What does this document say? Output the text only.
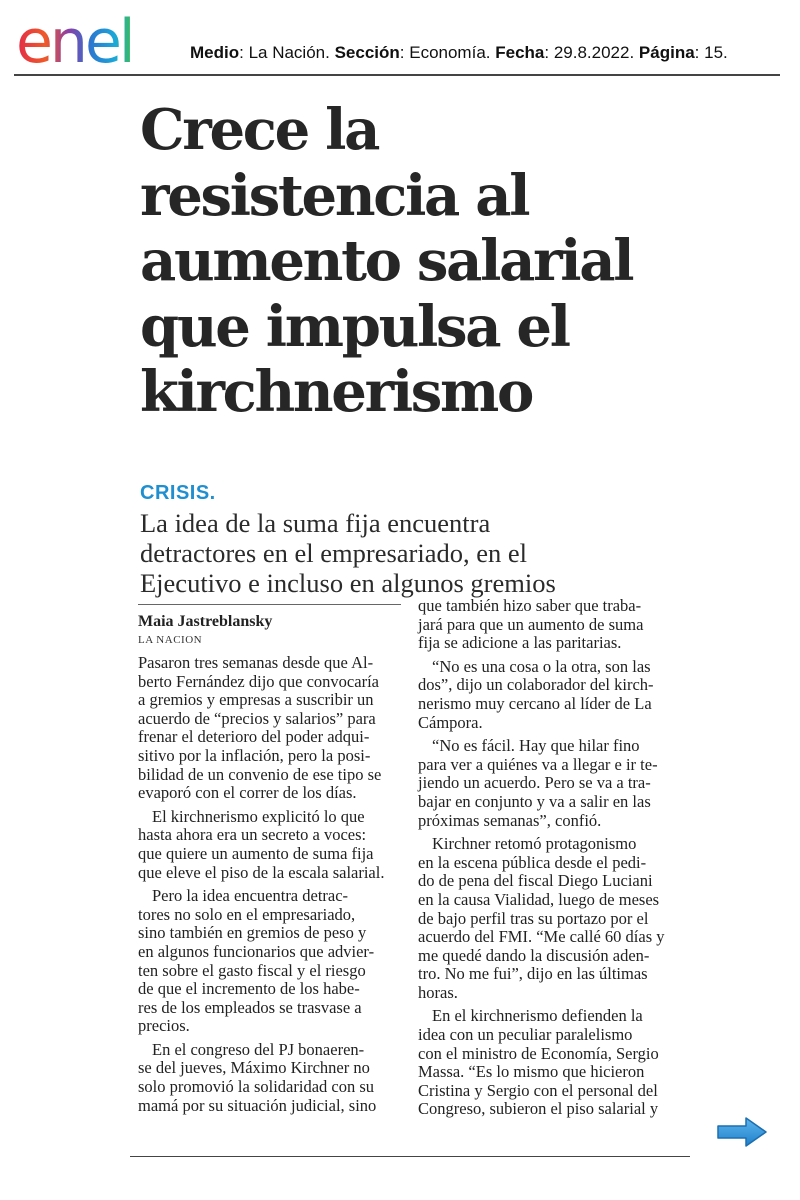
enel	Medio: La Nación. Sección: Economía. Fecha: 29.8.2022. Página: 15.
Crece la
resistencia al
aumento salarial
que impulsa el
kirchnerismo
CRISIS.
La idea de la suma fija encuentra
detractores en el empresariado, en el
Ejecutivo e incluso en algunos gremios
Maia Jastreblansky
LA NACION
Pasaron tres semanas desde que Al-
berto Fernández dijo que convocaría
a gremios y empresas a suscribir un
acuerdo de “precios y salarios” para
frenar el deterioro del poder adqui-
sitivo por la inflación, pero la posi-
bilidad de un convenio de ese tipo se
evaporó con el correr de los días.
El kirchnerismo explicitó lo que
hasta ahora era un secreto a voces:
que quiere un aumento de suma fija
que eleve el piso de la escala salarial.
Pero la idea encuentra detrac-
tores no solo en el empresariado,
sino también en gremios de peso y
en algunos funcionarios que advier-
ten sobre el gasto fiscal y el riesgo
de que el incremento de los habe-
res de los empleados se trasvase a
precios.
En el congreso del PJ bonaeren-
se del jueves, Máximo Kirchner no
solo promovió la solidaridad con su
mamá por su situación judicial, sino
que también hizo saber que traba-
jará para que un aumento de suma
fija se adicione a las paritarias.
“No es una cosa o la otra, son las
dos”, dijo un colaborador del kirch-
nerismo muy cercano al líder de La
Cámpora.
“No es fácil. Hay que hilar fino
para ver a quiénes va a llegar e ir te-
jiendo un acuerdo. Pero se va a tra-
bajar en conjunto y va a salir en las
próximas semanas”, confió.
Kirchner retomó protagonismo
en la escena pública desde el pedi-
do de pena del fiscal Diego Luciani
en la causa Vialidad, luego de meses
de bajo perfil tras su portazo por el
acuerdo del FMI. “Me callé 60 días y
me quedé dando la discusión aden-
tro. No me fui”, dijo en las últimas
horas.
En el kirchnerismo defienden la
idea con un peculiar paralelismo
con el ministro de Economía, Sergio
Massa. “Es lo mismo que hicieron
Cristina y Sergio con el personal del
Congreso, subieron el piso salarial y
